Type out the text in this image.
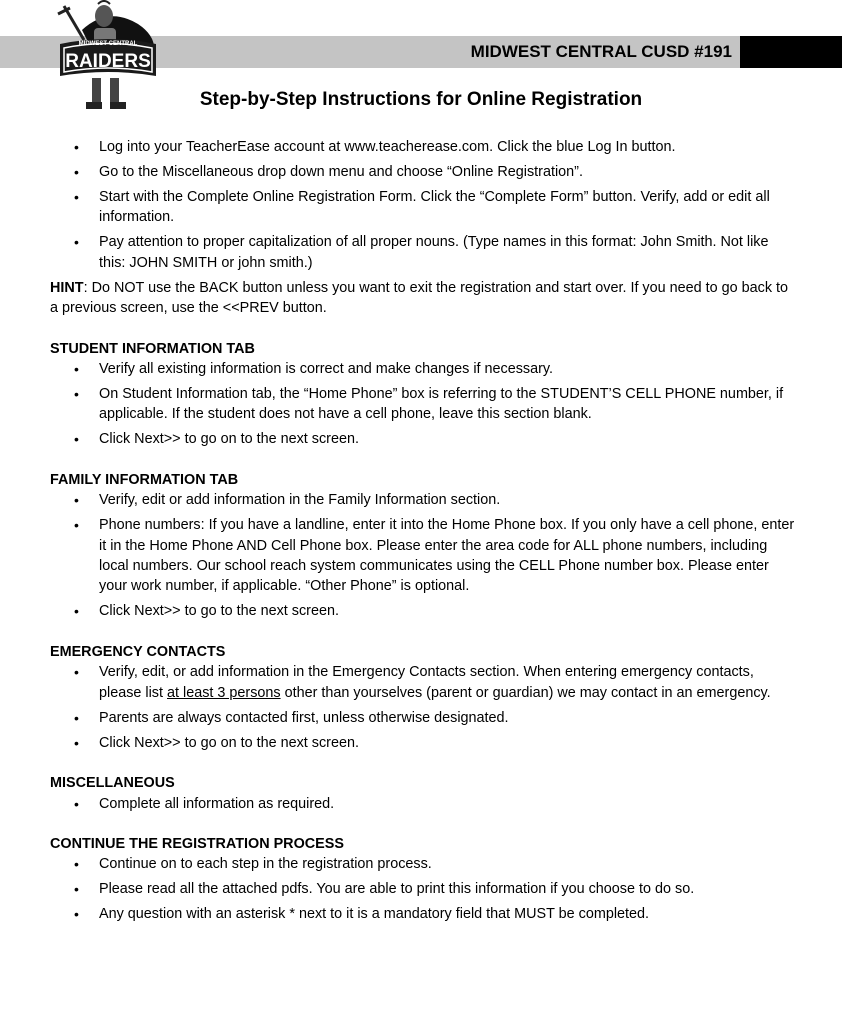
MIDWEST CENTRAL CUSD #191
MIDWEST CENTRAL
RAIDERS
Step-by-Step Instructions for Online Registration
• Log into your TeacherEase account at www.teacherease.com. Click the blue Log In button.
• Go to the Miscellaneous drop down menu and choose “Online Registration”.
• Start with the Complete Online Registration Form. Click the “Complete Form” button. Verify, add or edit all information.
• Pay attention to proper capitalization of all proper nouns. (Type names in this format: John Smith. Not like this: JOHN SMITH or john smith.)
HINT: Do NOT use the BACK button unless you want to exit the registration and start over. If you need to go back to a previous screen, use the <<PREV button.
STUDENT INFORMATION TAB
• Verify all existing information is correct and make changes if necessary.
• On Student Information tab, the “Home Phone” box is referring to the STUDENT’S CELL PHONE number, if applicable. If the student does not have a cell phone, leave this section blank.
• Click Next>> to go on to the next screen.
FAMILY INFORMATION TAB
• Verify, edit or add information in the Family Information section.
• Phone numbers: If you have a landline, enter it into the Home Phone box. If you only have a cell phone, enter it in the Home Phone AND Cell Phone box. Please enter the area code for ALL phone numbers, including local numbers. Our school reach system communicates using the CELL Phone number box. Please enter your work number, if applicable. “Other Phone” is optional.
• Click Next>> to go to the next screen.
EMERGENCY CONTACTS
• Verify, edit, or add information in the Emergency Contacts section. When entering emergency contacts, please list at least 3 persons other than yourselves (parent or guardian) we may contact in an emergency.
• Parents are always contacted first, unless otherwise designated.
• Click Next>> to go on to the next screen.
MISCELLANEOUS
• Complete all information as required.
CONTINUE THE REGISTRATION PROCESS
• Continue on to each step in the registration process.
• Please read all the attached pdfs. You are able to print this information if you choose to do so.
• Any question with an asterisk * next to it is a mandatory field that MUST be completed.
